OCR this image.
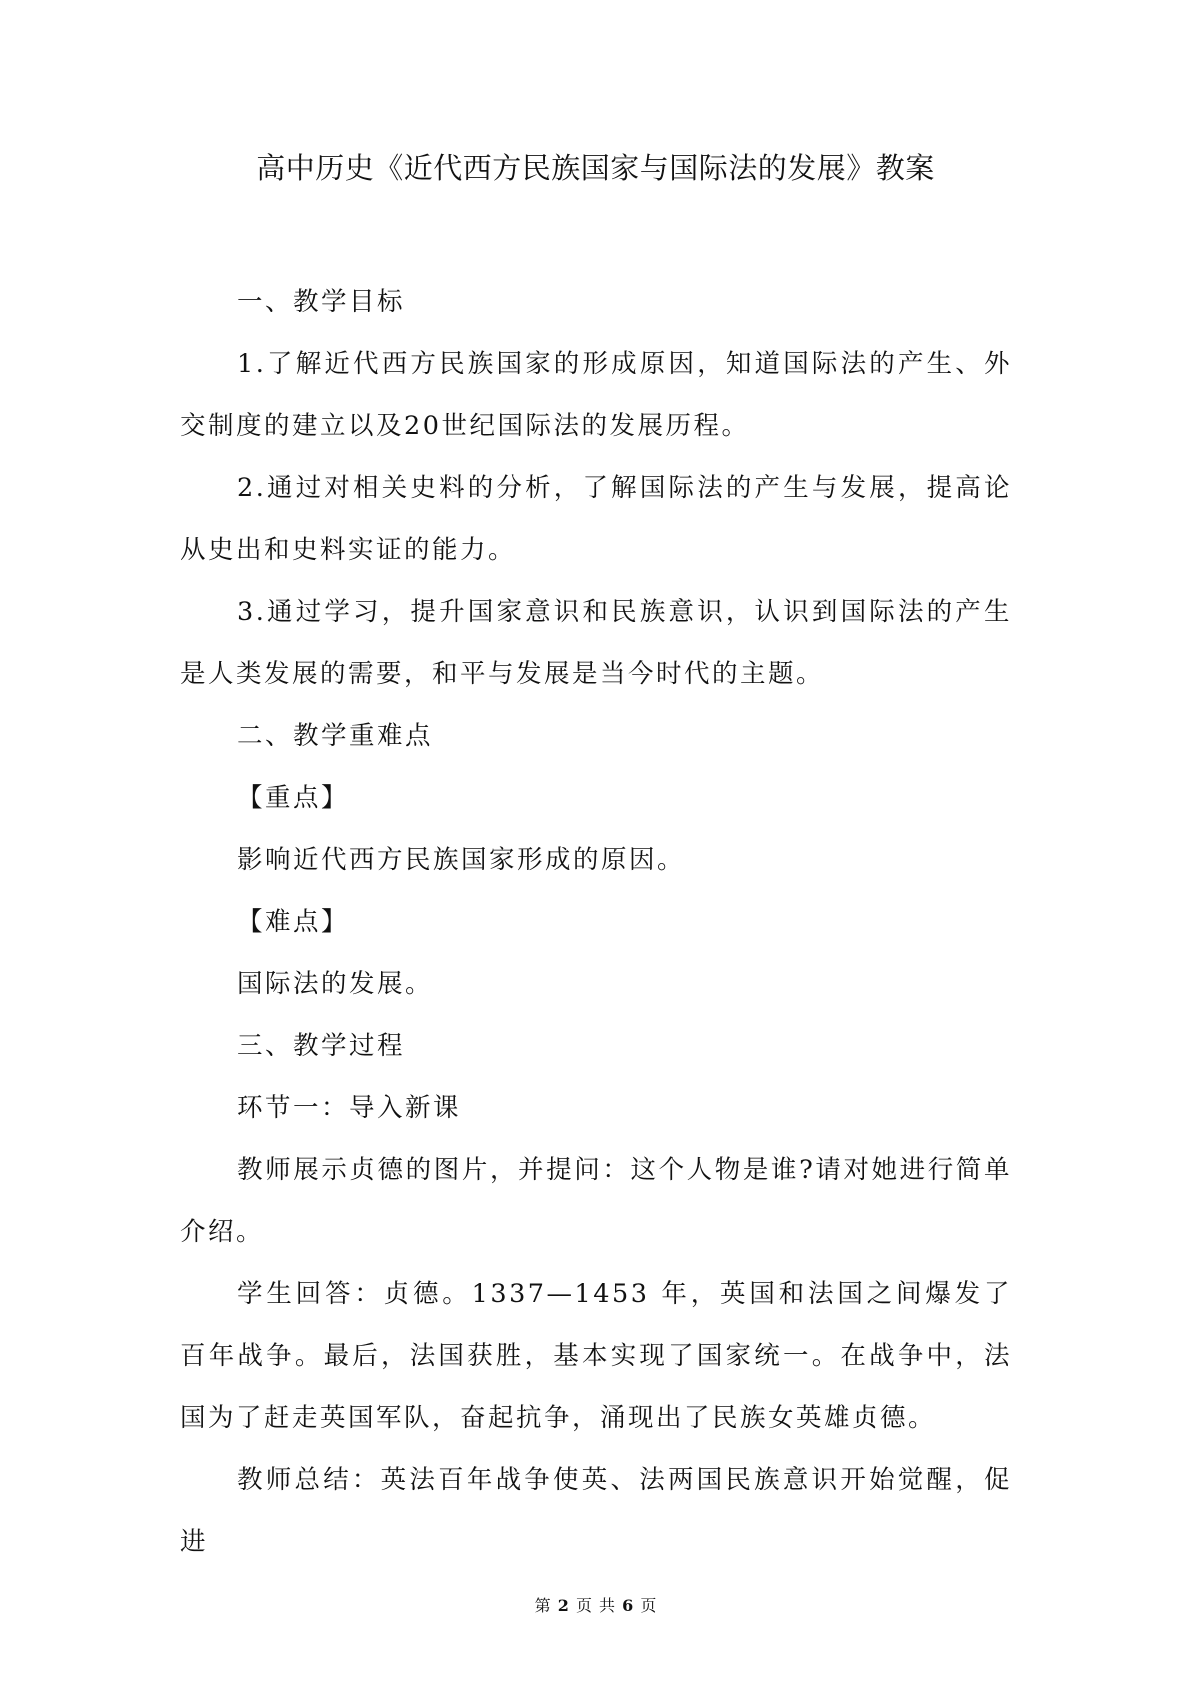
高中历史《近代西方民族国家与国际法的发展》教案

一、教学目标

1.了解近代西方民族国家的形成原因，知道国际法的产生、外交制度的建立以及20世纪国际法的发展历程。

2.通过对相关史料的分析，了解国际法的产生与发展，提高论从史出和史料实证的能力。

3.通过学习，提升国家意识和民族意识，认识到国际法的产生是人类发展的需要，和平与发展是当今时代的主题。

二、教学重难点

【重点】

影响近代西方民族国家形成的原因。

【难点】

国际法的发展。

三、教学过程

环节一：导入新课

教师展示贞德的图片，并提问：这个人物是谁?请对她进行简单介绍。

学生回答：贞德。1337—1453 年，英国和法国之间爆发了百年战争。最后，法国获胜，基本实现了国家统一。在战争中，法国为了赶走英国军队，奋起抗争，涌现出了民族女英雄贞德。

教师总结：英法百年战争使英、法两国民族意识开始觉醒，促进

第 2 页 共 6 页
